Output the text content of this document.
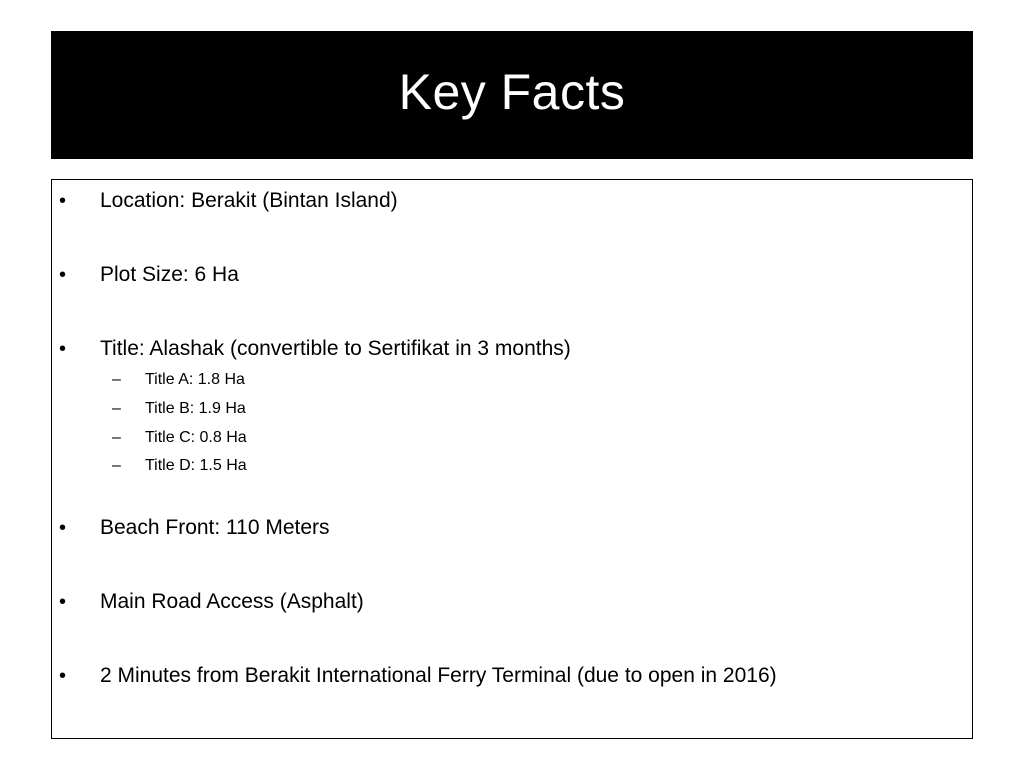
Key Facts
• Location: Berakit (Bintan Island)
• Plot Size: 6 Ha
• Title: Alashak (convertible to Sertifikat in 3 months)
– Title A: 1.8 Ha
– Title B: 1.9 Ha
– Title C: 0.8 Ha
– Title D: 1.5 Ha
• Beach Front: 110 Meters
• Main Road Access (Asphalt)
• 2 Minutes from Berakit International Ferry Terminal (due to open in 2016)
